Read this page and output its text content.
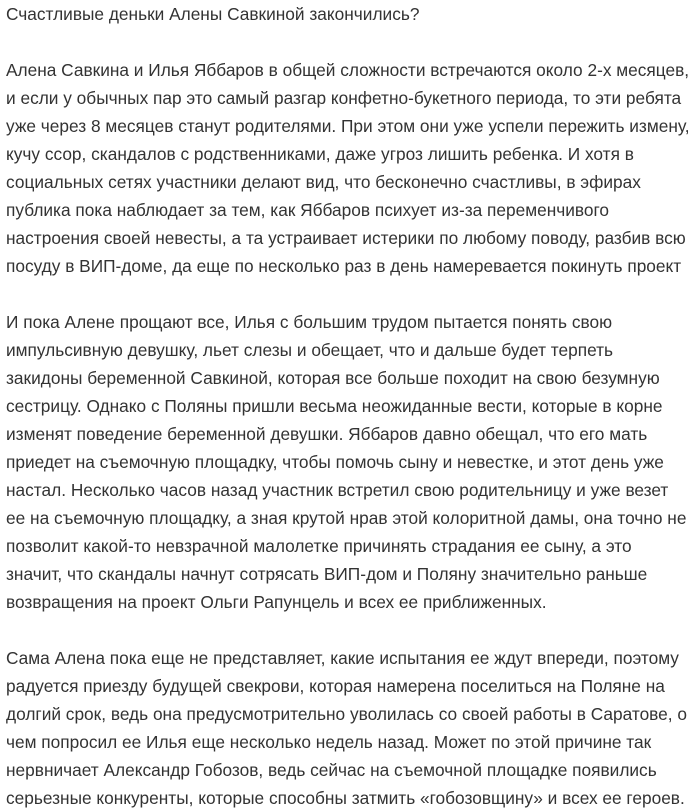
Счастливые деньки Алены Савкиной закончились?

Алена Савкина и Илья Яббаров в общей сложности встречаются около 2-х месяцев, и если у обычных пар это самый разгар конфетно-букетного периода, то эти ребята уже через 8 месяцев станут родителями. При этом они уже успели пережить измену, кучу ссор, скандалов с родственниками, даже угроз лишить ребенка. И хотя в социальных сетях участники делают вид, что бесконечно счастливы, в эфирах публика пока наблюдает за тем, как Яббаров психует из-за переменчивого настроения своей невесты, а та устраивает истерики по любому поводу, разбив всю посуду в ВИП-доме, да еще по несколько раз в день намеревается покинуть проект

И пока Алене прощают все, Илья с большим трудом пытается понять свою импульсивную девушку, льет слезы и обещает, что и дальше будет терпеть закидоны беременной Савкиной, которая все больше походит на свою безумную сестрицу. Однако с Поляны пришли весьма неожиданные вести, которые в корне изменят поведение беременной девушки. Яббаров давно обещал, что его мать приедет на съемочную площадку, чтобы помочь сыну и невестке, и этот день уже настал. Несколько часов назад участник встретил свою родительницу и уже везет ее на съемочную площадку, а зная крутой нрав этой колоритной дамы, она точно не позволит какой-то невзрачной малолетке причинять страдания ее сыну, а это значит, что скандалы начнут сотрясать ВИП-дом и Поляну значительно раньше возвращения на проект Ольги Рапунцель и всех ее приближенных.

Сама Алена пока еще не представляет, какие испытания ее ждут впереди, поэтому радуется приезду будущей свекрови, которая намерена поселиться на Поляне на долгий срок, ведь она предусмотрительно уволилась со своей работы в Саратове, о чем попросил ее Илья еще несколько недель назад. Может по этой причине так нервничает Александр Гобозов, ведь сейчас на съемочной площадке появились серьезные конкуренты, которые способны затмить «гобозовщину» и всех ее героев.
